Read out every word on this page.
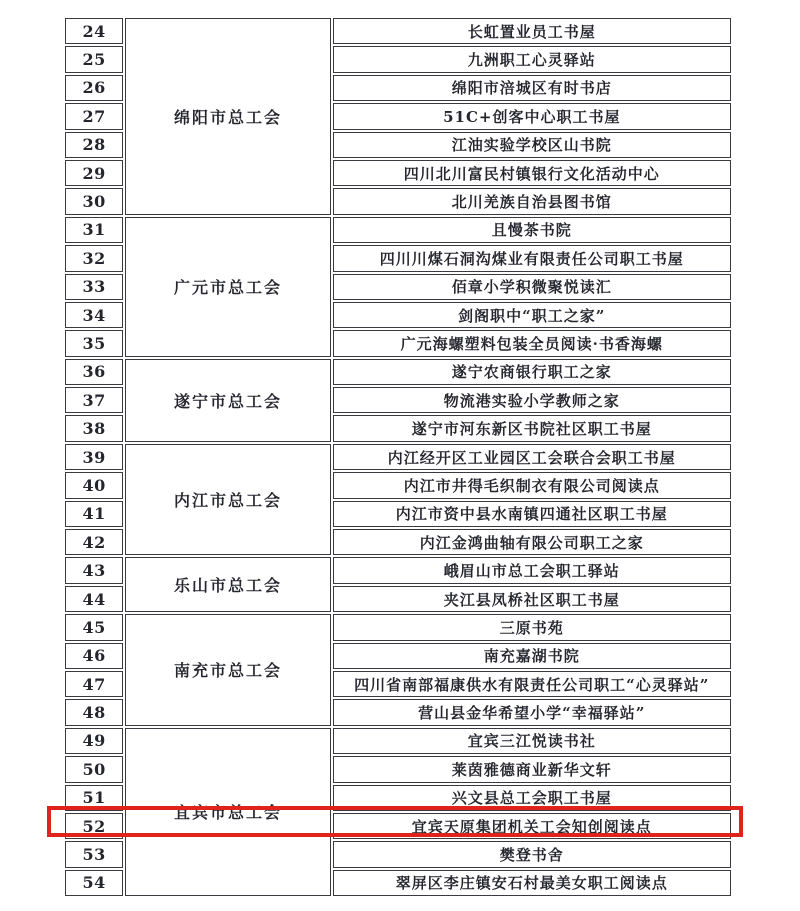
24	绵阳市总工会	长虹置业员工书屋
25		九洲职工心灵驿站
26		绵阳市涪城区有时书店
27		51C+创客中心职工书屋
28		江油实验学校区山书院
29		四川北川富民村镇银行文化活动中心
30		北川羌族自治县图书馆
31	广元市总工会	且慢茶书院
32		四川川煤石洞沟煤业有限责任公司职工书屋
33		佰章小学积微聚悦读汇
34		剑阁职中“职工之家”
35		广元海螺塑料包装全员阅读·书香海螺
36	遂宁市总工会	遂宁农商银行职工之家
37		物流港实验小学教师之家
38		遂宁市河东新区书院社区职工书屋
39	内江市总工会	内江经开区工业园区工会联合会职工书屋
40		内江市井得毛织制衣有限公司阅读点
41		内江市资中县水南镇四通社区职工书屋
42		内江金鸿曲轴有限公司职工之家
43	乐山市总工会	峨眉山市总工会职工驿站
44		夹江县凤桥社区职工书屋
45	南充市总工会	三原书苑
46		南充嘉湖书院
47		四川省南部福康供水有限责任公司职工“心灵驿站”
48		营山县金华希望小学“幸福驿站”
49	宜宾市总工会	宜宾三江悦读书社
50		莱茵雅德商业新华文轩
51		兴文县总工会职工书屋
52		宜宾天原集团机关工会知创阅读点
53		樊登书舍
54		翠屏区李庄镇安石村最美女职工阅读点
